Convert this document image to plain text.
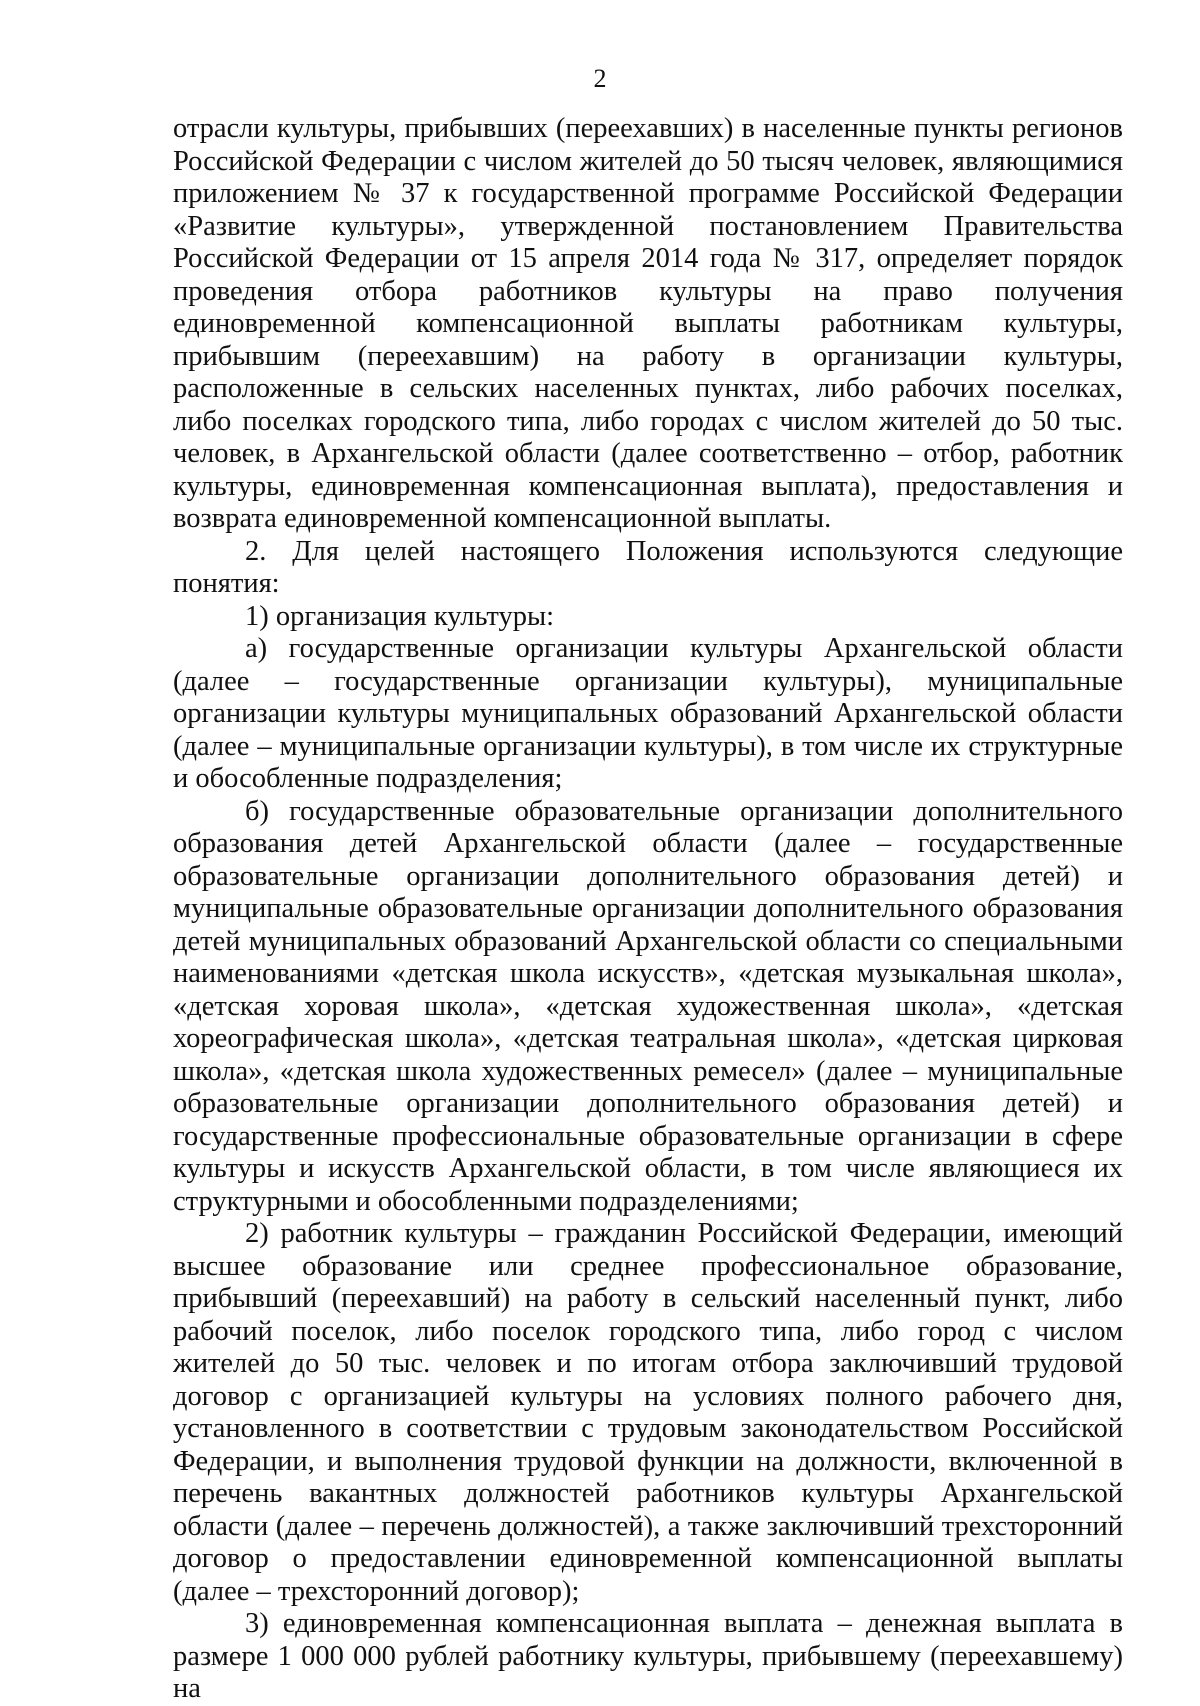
2

отрасли культуры, прибывших (переехавших) в населенные пункты регионов Российской Федерации с числом жителей до 50 тысяч человек, являющимися приложением № 37 к государственной программе Российской Федерации «Развитие культуры», утвержденной постановлением Правительства Российской Федерации от 15 апреля 2014 года № 317, определяет порядок проведения отбора работников культуры на право получения единовременной компенсационной выплаты работникам культуры, прибывшим (переехавшим) на работу в организации культуры, расположенные в сельских населенных пунктах, либо рабочих поселках, либо поселках городского типа, либо городах с числом жителей до 50 тыс. человек, в Архангельской области (далее соответственно – отбор, работник культуры, единовременная компенсационная выплата), предоставления и возврата единовременной компенсационной выплаты.

2. Для целей настоящего Положения используются следующие понятия:

1) организация культуры:

а) государственные организации культуры Архангельской области (далее – государственные организации культуры), муниципальные организации культуры муниципальных образований Архангельской области (далее – муниципальные организации культуры), в том числе их структурные и обособленные подразделения;

б) государственные образовательные организации дополнительного образования детей Архангельской области (далее – государственные образовательные организации дополнительного образования детей) и муниципальные образовательные организации дополнительного образования детей муниципальных образований Архангельской области со специальными наименованиями «детская школа искусств», «детская музыкальная школа», «детская хоровая школа», «детская художественная школа», «детская хореографическая школа», «детская театральная школа», «детская цирковая школа», «детская школа художественных ремесел» (далее – муниципальные образовательные организации дополнительного образования детей) и государственные профессиональные образовательные организации в сфере культуры и искусств Архангельской области, в том числе являющиеся их структурными и обособленными подразделениями;

2) работник культуры – гражданин Российской Федерации, имеющий высшее образование или среднее профессиональное образование, прибывший (переехавший) на работу в сельский населенный пункт, либо рабочий поселок, либо поселок городского типа, либо город с числом жителей до 50 тыс. человек и по итогам отбора заключивший трудовой договор с организацией культуры на условиях полного рабочего дня, установленного в соответствии с трудовым законодательством Российской Федерации, и выполнения трудовой функции на должности, включенной в перечень вакантных должностей работников культуры Архангельской области (далее – перечень должностей), а также заключивший трехсторонний договор о предоставлении единовременной компенсационной выплаты (далее – трехсторонний договор);

3) единовременная компенсационная выплата – денежная выплата в размере 1 000 000 рублей работнику культуры, прибывшему (переехавшему) на
